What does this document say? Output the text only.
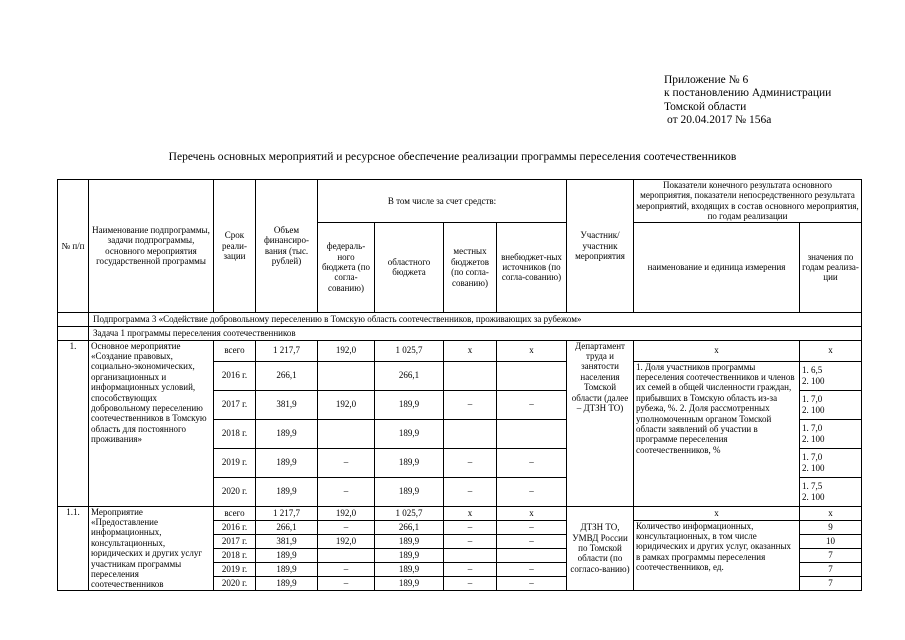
Приложение № 6
к постановлению Администрации
Томской области
от 20.04.2017 № 156а
Перечень основных мероприятий и ресурсное обеспечение реализации программы переселения соотечественников
№ п/п	Наименование подпрограммы, задачи подпрограммы, основного мероприятия государственной программы	Срок реали-зации	Объем финансиро-вания (тыс. рублей)	В том числе за счет средств:				Участник/ участник мероприятия	Показатели конечного результата основного мероприятия, показатели непосредственного результата мероприятий, входящих в состав основного мероприятия, по годам реализации	
				федераль-ного бюджета (по согла-сованию)	областного бюджета	местных бюджетов (по согла-сованию)	внебюджет-ных источников (по согла-сованию)		наименование и единица измерения	значения по годам реализа-ции
	Подпрограмма 3 «Содействие добровольному переселению в Томскую область соотечественников, проживающих за рубежом»									
	Задача 1 программы переселения соотечественников									
1.	Основное мероприятие «Создание правовых, социально-экономических, организационных и информационных условий, способствующих добровольному переселению соотечественников в Томскую область для постоянного проживания»	всего	1 217,7	192,0	1 025,7	х	х	Департамент труда и занятости населения Томской области (далее – ДТЗН ТО)	х	х
		2016 г.	266,1		266,1				1. Доля участников программы переселения соотечественников и членов их семей в общей численности граждан, прибывших в Томскую область из-за рубежа, %. 2. Доля рассмотренных уполномоченным органом Томской области заявлений об участии в программе переселения соотечественников, %	1. 6,5
2. 100
		2017 г.	381,9	192,0	189,9	–	–			1. 7,0
2. 100
		2018 г.	189,9		189,9					1. 7,0
2. 100
		2019 г.	189,9	–	189,9	–	–			1. 7,0
2. 100
		2020 г.	189,9	–	189,9	–	–			1. 7,5
2. 100
1.1.	Мероприятие «Предоставление информационных, консультационных, юридических и других услуг участникам программы переселения соотечественников	всего	1 217,7	192,0	1 025,7	х	х	ДТЗН ТО, УМВД России по Томской области (по согласо-ванию)	х	х
		2016 г.	266,1	–	266,1	–	–		Количество информационных, консультационных, в том числе юридических и других услуг, оказанных в рамках программы переселения соотечественников, ед.	9
		2017 г.	381,9	192,0	189,9	–	–			10
		2018 г.	189,9		189,9					7
		2019 г.	189,9	–	189,9	–	–			7
		2020 г.	189,9	–	189,9	–	–			7
